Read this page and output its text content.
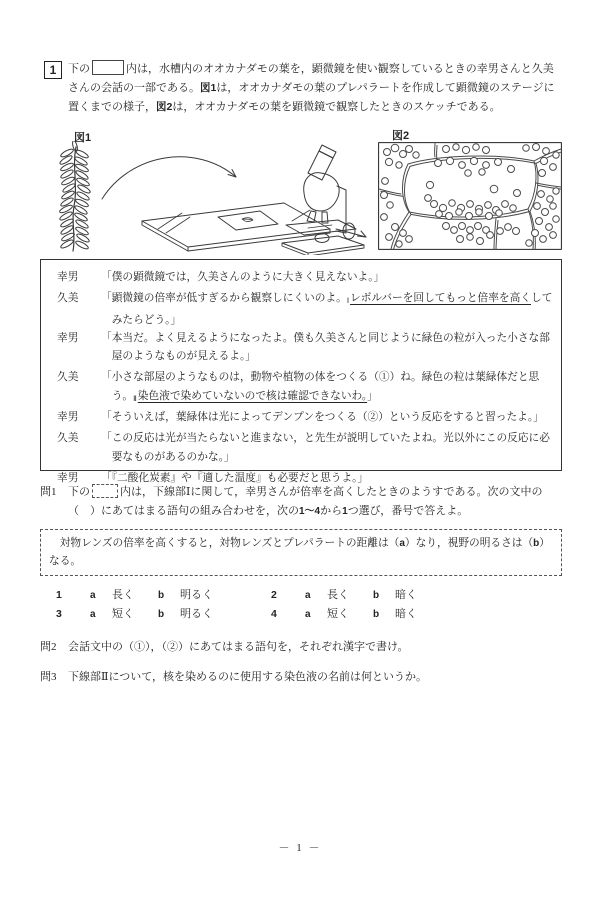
1	下の	内は，水槽内のオオカナダモの葉を，顕微鏡を使い観察しているときの幸男さんと久美さんの会話の一部である。図1は，オオカナダモの葉のプレパラートを作成して顕微鏡のステージに置くまでの様子，図2は，オオカナダモの葉を顕微鏡で観察したときのスケッチである。
図1	図2
幸男	「僕の顕微鏡では，久美さんのように大きく見えないよ。」
久美	「顕微鏡の倍率が低すぎるから観察しにくいのよ。Ⅰレボルバーを回してもっと倍率を高くしてみたらどう。」
幸男	「本当だ。よく見えるようになったよ。僕も久美さんと同じように緑色の粒が入った小さな部屋のようなものが見えるよ。」
久美	「小さな部屋のようなものは，動物や植物の体をつくる（①）ね。緑色の粒は葉緑体だと思う。Ⅱ染色液で染めていないので核は確認できないわ。」
幸男	「そういえば，葉緑体は光によってデンプンをつくる（②）という反応をすると習ったよ。」
久美	「この反応は光が当たらないと進まない，と先生が説明していたよね。光以外にこの反応に必要なものがあるのかな。」
幸男	「『二酸化炭素』や『適した温度』も必要だと思うよ。」
問1 下の	内は，下線部Ⅰに関して，幸男さんが倍率を高くしたときのようすである。次の文中の（　）にあてはまる語句の組み合わせを，次の1～4から1つ選び，番号で答えよ。
　対物レンズの倍率を高くすると，対物レンズとプレパラートの距離は（a）なり，視野の明るさは（b）なる。
1	a 長く b 明るく	2	a 長く b 暗く
3	a 短く b 明るく	4	a 短く b 暗く
問2 会話文中の（①），（②）にあてはまる語句を，それぞれ漢字で書け。
問3 下線部Ⅱについて，核を染めるのに使用する染色液の名前は何というか。
－ 1 －
